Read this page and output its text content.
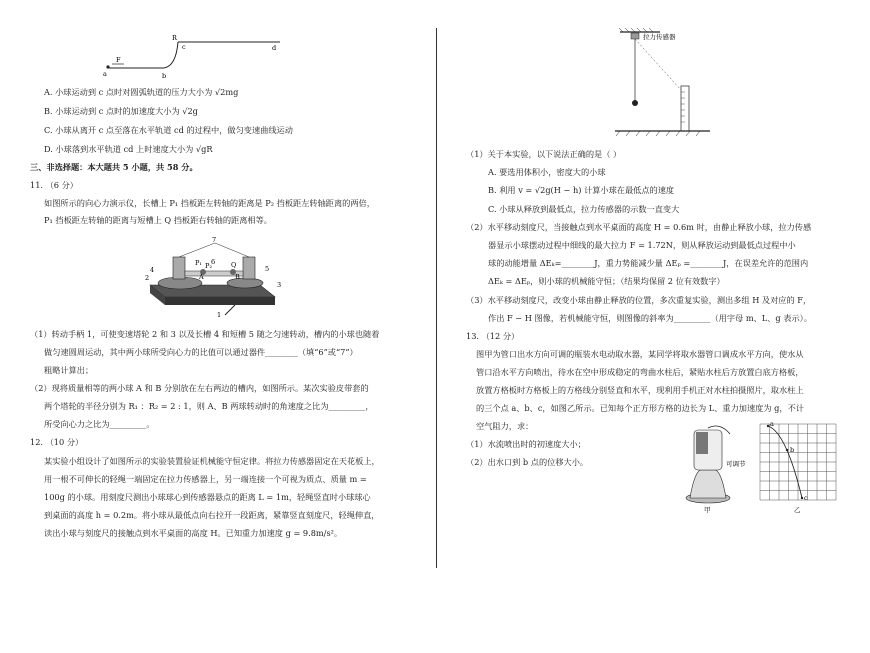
R
c	d
F
a	b
A. 小球运动到 c 点时对圆弧轨道的压力大小为 √2mg
B. 小球运动到 c 点时的加速度大小为 √2g
C. 小球从离开 c 点至落在水平轨道 cd 的过程中，做匀变速曲线运动
D. 小球落到水平轨道 cd 上时速度大小为 √gR
三、非选择题：本大题共 5 小题，共 58 分。
11. （6 分）
如图所示的向心力演示仪，长槽上 P₁ 挡板距左转轴的距离是 P₂ 挡板距左转轴距离的两倍，
P₁ 挡板距左转轴的距离与短槽上 Q 挡板距右转轴的距离相等。
7
6
4
P₁ P₂	Q	5
2	A	B
3
1
（1）转动手柄 1，可使变速塔轮 2 和 3 以及长槽 4 和短槽 5 随之匀速转动，槽内的小球也随着
做匀速圆周运动，其中两小球所受向心力的比值可以通过器件________（填“6”或“7”）
粗略计算出；
（2）现将质量相等的两小球 A 和 B 分别放在左右两边的槽内，如图所示。某次实验皮带套的
两个塔轮的半径分别为 R₁ ：R₂ = 2 : 1，则 A、B 两球转动时的角速度之比为_________，
所受向心力之比为_________。
12. （10 分）
某实验小组设计了如图所示的实验装置验证机械能守恒定律。将拉力传感器固定在天花板上，
用一根不可伸长的轻绳一端固定在拉力传感器上，另一端连接一个可视为质点、质量 m =
100g 的小球。用刻度尺测出小球球心到传感器悬点的距离 L = 1m，轻绳竖直时小球球心
到桌面的高度 h = 0.2m。将小球从最低点向右拉开一段距离，紧靠竖直刻度尺，轻绳伸直，
读出小球与刻度尺的接触点到水平桌面的高度 H。已知重力加速度 g = 9.8m/s²。
拉力传感器
（1）关于本实验，以下说法正确的是（ ）
A. 要选用体积小，密度大的小球
B. 利用 v = √2g(H − h) 计算小球在最低点的速度
C. 小球从释放到最低点，拉力传感器的示数一直变大
（2）水平移动刻度尺，当接触点到水平桌面的高度 H = 0.6m 时，由静止释放小球，拉力传感
器显示小球摆动过程中细线的最大拉力 F = 1.72N，则从释放运动到最低点过程中小
球的动能增量 ΔEₖ=________J，重力势能减少量 ΔEₚ =________J，在误差允许的范围内
ΔEₖ = ΔEₚ，则小球的机械能守恒；（结果均保留 2 位有效数字）
（3）水平移动刻度尺，改变小球由静止释放的位置，多次重复实验，测出多组 H 及对应的 F，
作出 F − H 图像，若机械能守恒，则图像的斜率为_________（用字母 m、L、g 表示）。
13. （12 分）
图甲为管口出水方向可调的瓶装水电动取水器，某同学将取水器管口调成水平方向，使水从
管口沿水平方向喷出，待水在空中形成稳定的弯曲水柱后，紧贴水柱后方放置白底方格板，
放置方格板时方格板上的方格线分别竖直和水平，现利用手机正对水柱拍摄照片，取水柱上
的三个点 a、b、c，如图乙所示。已知每个正方形方格的边长为 L、重力加速度为 g，不计
空气阻力，求：
（1）水流喷出时的初速度大小；
（2）出水口到 b 点的位移大小。	可调节
甲
a
b
c
乙
